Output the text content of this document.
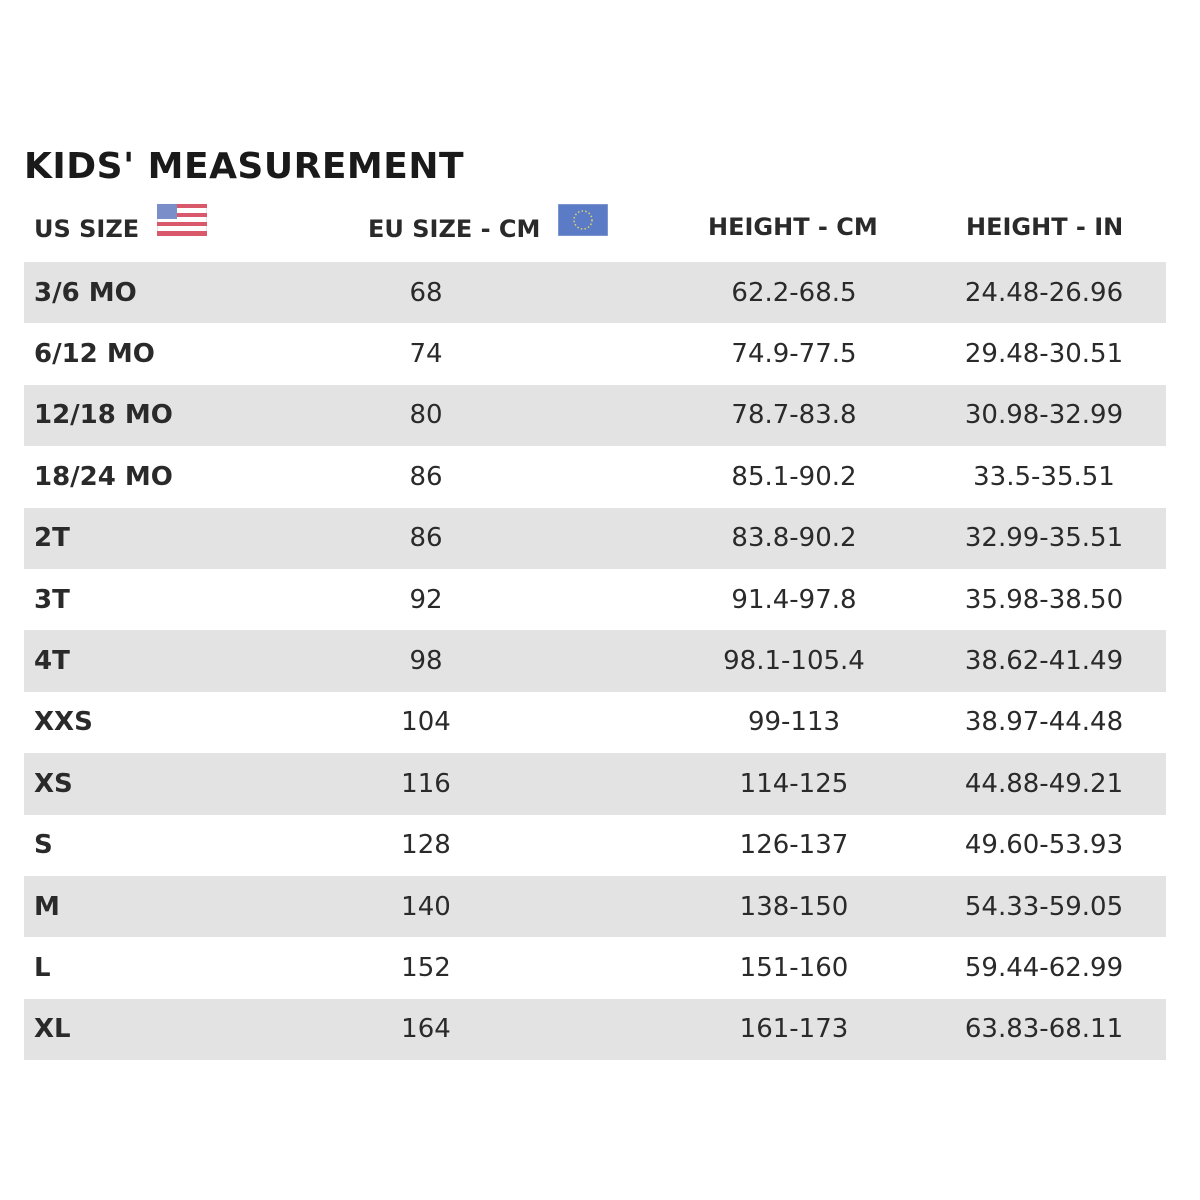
KIDS' MEASUREMENT
US SIZE	EU SIZE - CM	HEIGHT - CM	HEIGHT - IN
3/6 MO	68	62.2-68.5	24.48-26.96
6/12 MO	74	74.9-77.5	29.48-30.51
12/18 MO	80	78.7-83.8	30.98-32.99
18/24 MO	86	85.1-90.2	33.5-35.51
2T	86	83.8-90.2	32.99-35.51
3T	92	91.4-97.8	35.98-38.50
4T	98	98.1-105.4	38.62-41.49
XXS	104	99-113	38.97-44.48
XS	116	114-125	44.88-49.21
S	128	126-137	49.60-53.93
M	140	138-150	54.33-59.05
L	152	151-160	59.44-62.99
XL	164	161-173	63.83-68.11
